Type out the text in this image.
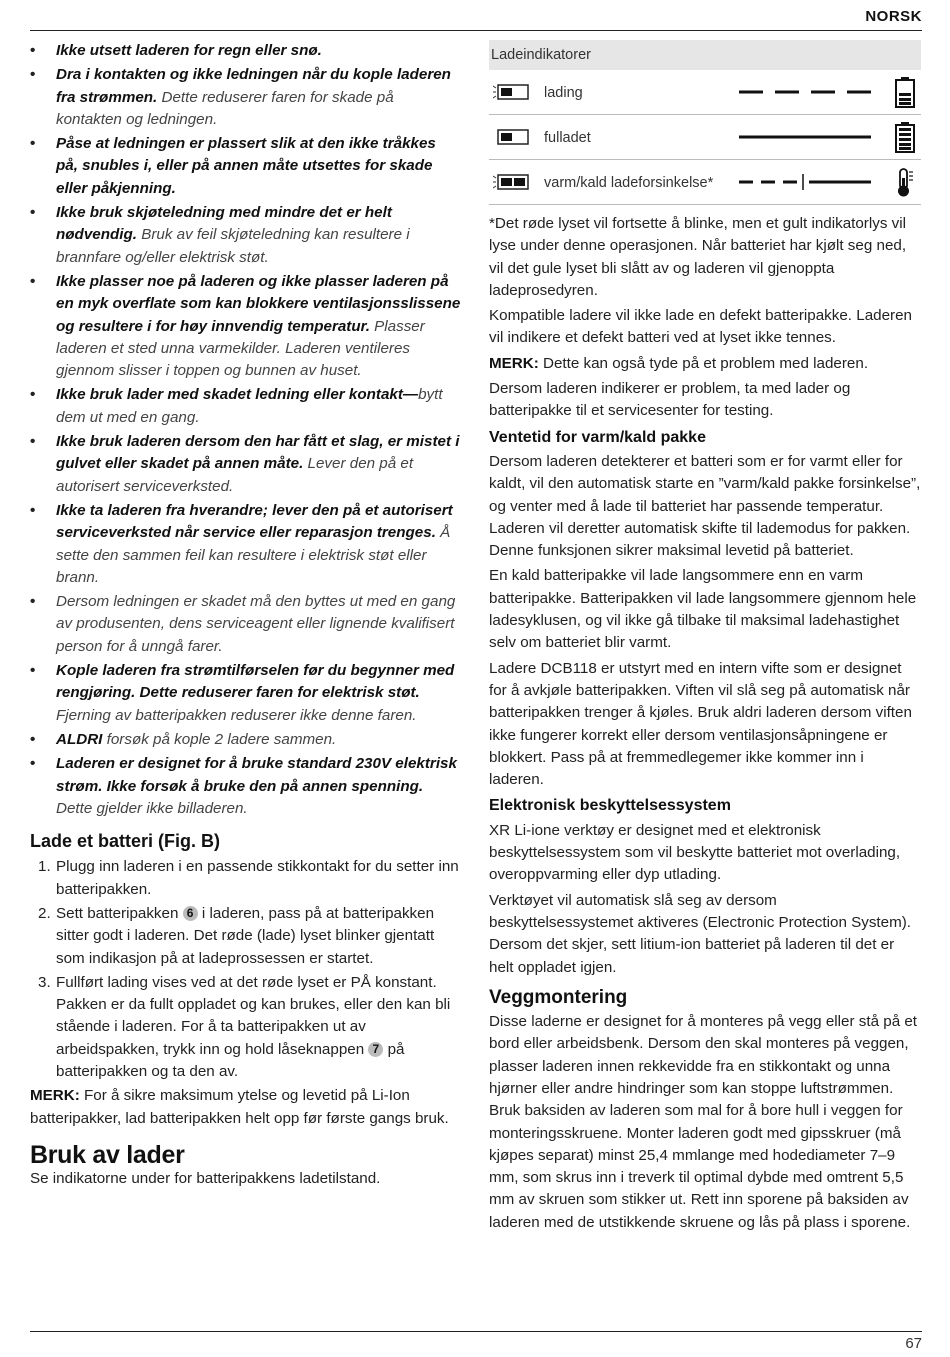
NORSK
• Ikke utsett laderen for regn eller snø.
• Dra i kontakten og ikke ledningen når du kople laderen fra strømmen. Dette reduserer faren for skade på kontakten og ledningen.
• Påse at ledningen er plassert slik at den ikke tråkkes på, snubles i, eller på annen måte utsettes for skade eller påkjenning.
• Ikke bruk skjøteledning med mindre det er helt nødvendig. Bruk av feil skjøteledning kan resultere i brannfare og/eller elektrisk støt.
• Ikke plasser noe på laderen og ikke plasser laderen på en myk overflate som kan blokkere ventilasjonsslissene og resultere i for høy innvendig temperatur. Plasser laderen et sted unna varmekilder. Laderen ventileres gjennom slisser i toppen og bunnen av huset.
• Ikke bruk lader med skadet ledning eller kontakt—bytt dem ut med en gang.
• Ikke bruk laderen dersom den har fått et slag, er mistet i gulvet eller skadet på annen måte. Lever den på et autorisert serviceverksted.
• Ikke ta laderen fra hverandre; lever den på et autorisert serviceverksted når service eller reparasjon trenges. Å sette den sammen feil kan resultere i elektrisk støt eller brann.
• Dersom ledningen er skadet må den byttes ut med en gang av produsenten, dens serviceagent eller lignende kvalifisert person for å unngå farer.
• Kople laderen fra strømtilførselen før du begynner med rengjøring. Dette reduserer faren for elektrisk støt. Fjerning av batteripakken reduserer ikke denne faren.
• ALDRI forsøk på kople 2 ladere sammen.
• Laderen er designet for å bruke standard 230V elektrisk strøm. Ikke forsøk å bruke den på annen spenning. Dette gjelder ikke billaderen.
Lade et batteri (Fig. B)
1. Plugg inn laderen i en passende stikkontakt for du setter inn batteripakken.
2. Sett batteripakken 6 i laderen, pass på at batteripakken sitter godt i laderen. Det røde (lade) lyset blinker gjentatt som indikasjon på at ladeprossessen er startet.
3. Fullført lading vises ved at det røde lyset er PÅ konstant. Pakken er da fullt oppladet og kan brukes, eller den kan bli stående i laderen. For å ta batteripakken ut av arbeidspakken, trykk inn og hold låseknappen 7 på batteripakken og ta den av.

MERK: For å sikre maksimum ytelse og levetid på Li-Ion batteripakker, lad batteripakken helt opp før første gangs bruk.

Bruk av lader

Se indikatorne under for batteripakkens ladetilstand.

Ladeindikatorer
lading
fulladet
varm/kald ladeforsinkelse*

*Det røde lyset vil fortsette å blinke, men et gult indikatorlys vil lyse under denne operasjonen. Når batteriet har kjølt seg ned, vil det gule lyset bli slått av og laderen vil gjenoppta ladeprosedyren.

Kompatible ladere vil ikke lade en defekt batteripakke. Laderen vil indikere et defekt batteri ved at lyset ikke tennes.

MERK: Dette kan også tyde på et problem med laderen.

Dersom laderen indikerer er problem, ta med lader og batteripakke til et servicesenter for testing.

Ventetid for varm/kald pakke

Dersom laderen detekterer et batteri som er for varmt eller for kaldt, vil den automatisk starte en ”varm/kald pakke forsinkelse”, og venter med å lade til batteriet har passende temperatur. Laderen vil deretter automatisk skifte til lademodus for pakken. Denne funksjonen sikrer maksimal levetid på batteriet.

En kald batteripakke vil lade langsommere enn en varm batteripakke. Batteripakken vil lade langsommere gjennom hele ladesyklusen, og vil ikke gå tilbake til maksimal ladehastighet selv om batteriet blir varmt.

Ladere DCB118 er utstyrt med en intern vifte som er designet for å avkjøle batteripakken. Viften vil slå seg på automatisk når batteripakken trenger å kjøles. Bruk aldri laderen dersom viften ikke fungerer korrekt eller dersom ventilasjonsåpningene er blokkert. Pass på at fremmedlegemer ikke kommer inn i laderen.

Elektronisk beskyttelsessystem

XR Li-ione verktøy er designet med et elektronisk beskyttelsessystem som vil beskytte batteriet mot overlading, overoppvarming eller dyp utlading.

Verktøyet vil automatisk slå seg av dersom beskyttelsessystemet aktiveres (Electronic Protection System). Dersom det skjer, sett litium-ion batteriet på laderen til det er helt oppladet igjen.

Veggmontering

Disse laderne er designet for å monteres på vegg eller stå på et bord eller arbeidsbenk. Dersom den skal monteres på veggen, plasser laderen innen rekkevidde fra en stikkontakt og unna hjørner eller andre hindringer som kan stoppe luftstrømmen. Bruk baksiden av laderen som mal for å bore hull i veggen for monteringsskruene. Monter laderen godt med gipsskruer (må kjøpes separat) minst 25,4 mmlange med hodediameter 7–9 mm, som skrus inn i treverk til optimal dybde med omtrent 5,5 mm av skruen som stikker ut. Rett inn sporene på baksiden av laderen med de utstikkende skruene og lås på plass i sporene.

67
